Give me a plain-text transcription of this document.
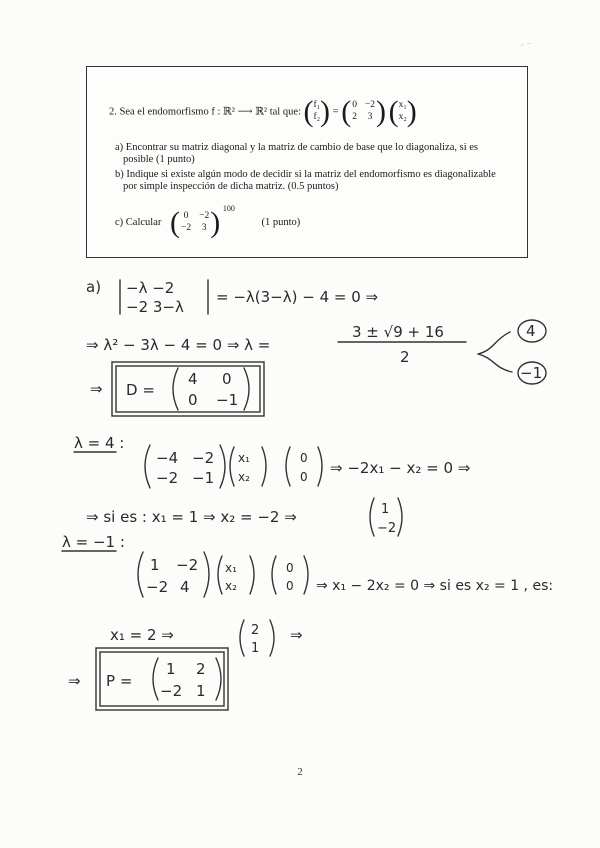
~ ~
2. Sea el endomorfismo f : ℝ² ⟶ ℝ² tal que: ( f₁
f₂ ) = ( 0 −2
2 3 )
( x₁
x₂ )
a) Encontrar su matriz diagonal y la matriz de cambio de base que lo diagonaliza, si es
posible (1 punto)
b) Indique si existe algún modo de decidir si la matriz del endomorfismo es diagonalizable
por simple inspección de dicha matriz. (0.5 puntos)
c) Calcular ( 0 −2
−2 3 ) $^{100}$ (1 punto)
a) −λ −2
−2 3−λ
= −λ(3−λ) − 4 = 0 ⇒
⇒ λ² − 3λ − 4 = 0 ⇒ λ =
3 ± √9 + 16
2
4
−1
⇒ D =
4 0
0 −1
λ = 4 :
−4 −2
−2 −1
x₁
x₂
0
0 ⇒ −2x₁ − x₂ = 0 ⇒
⇒ si es : x₁ = 1 ⇒ x₂ = −2 ⇒	1
−2
λ = −1 :
1 −2
−2 4
x₁
x₂
0
0 ⇒ x₁ − 2x₂ = 0 ⇒ si es x₂ = 1 , es:
x₁ = 2 ⇒	2
1
⇒
⇒ P =
1 2
−2 1
2
